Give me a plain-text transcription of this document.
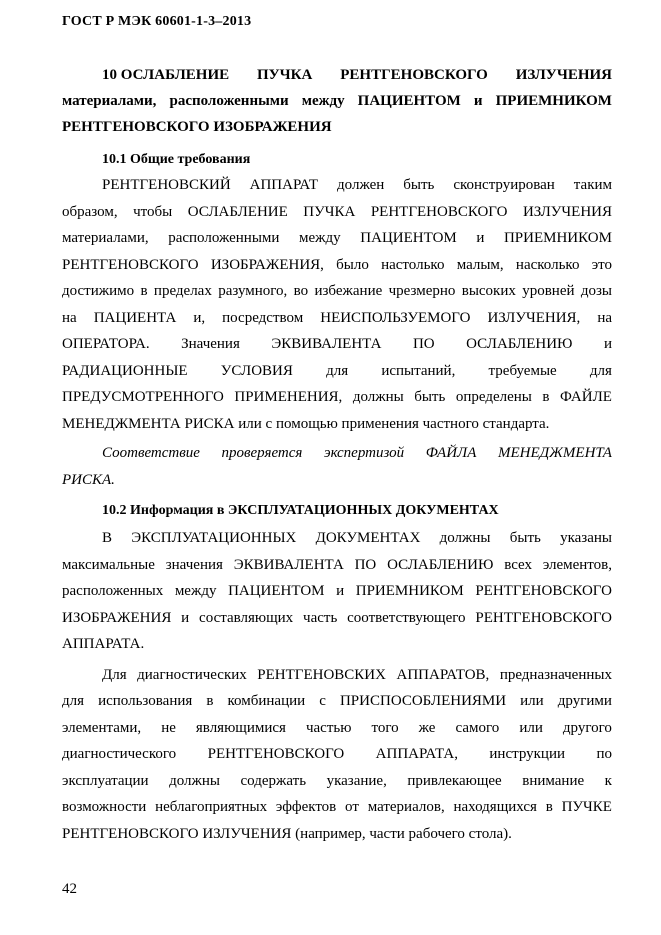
ГОСТ Р МЭК 60601-1-3–2013
10 ОСЛАБЛЕНИЕ ПУЧКА РЕНТГЕНОВСКОГО ИЗЛУЧЕНИЯ
материалами, расположенными между ПАЦИЕНТОМ и ПРИЕМНИКОМ
РЕНТГЕНОВСКОГО ИЗОБРАЖЕНИЯ
10.1 Общие требования
РЕНТГЕНОВСКИЙ АППАРАТ должен быть сконструирован таким
образом, чтобы ОСЛАБЛЕНИЕ ПУЧКА РЕНТГЕНОВСКОГО ИЗЛУЧЕНИЯ
материалами, расположенными между ПАЦИЕНТОМ и ПРИЕМНИКОМ
РЕНТГЕНОВСКОГО ИЗОБРАЖЕНИЯ, было настолько малым, насколько это
достижимо в пределах разумного, во избежание чрезмерно высоких уровней дозы
на ПАЦИЕНТА и, посредством НЕИСПОЛЬЗУЕМОГО ИЗЛУЧЕНИЯ, на
ОПЕРАТОРА. Значения ЭКВИВАЛЕНТА ПО ОСЛАБЛЕНИЮ и
РАДИАЦИОННЫЕ УСЛОВИЯ для испытаний, требуемые для
ПРЕДУСМОТРЕННОГО ПРИМЕНЕНИЯ, должны быть определены в ФАЙЛЕ
МЕНЕДЖМЕНТА РИСКА или с помощью применения частного стандарта.
Соответствие проверяется экспертизой ФАЙЛА МЕНЕДЖМЕНТА
РИСКА.
10.2 Информация в ЭКСПЛУАТАЦИОННЫХ ДОКУМЕНТАХ
В ЭКСПЛУАТАЦИОННЫХ ДОКУМЕНТАХ должны быть указаны
максимальные значения ЭКВИВАЛЕНТА ПО ОСЛАБЛЕНИЮ всех элементов,
расположенных между ПАЦИЕНТОМ и ПРИЕМНИКОМ РЕНТГЕНОВСКОГО
ИЗОБРАЖЕНИЯ и составляющих часть соответствующего РЕНТГЕНОВСКОГО
АППАРАТА.
Для диагностических РЕНТГЕНОВСКИХ АППАРАТОВ, предназначенных
для использования в комбинации с ПРИСПОСОБЛЕНИЯМИ или другими
элементами, не являющимися частью того же самого или другого
диагностического РЕНТГЕНОВСКОГО АППАРАТА, инструкции по
эксплуатации должны содержать указание, привлекающее внимание к
возможности неблагоприятных эффектов от материалов, находящихся в ПУЧКЕ
РЕНТГЕНОВСКОГО ИЗЛУЧЕНИЯ (например, части рабочего стола).
42
